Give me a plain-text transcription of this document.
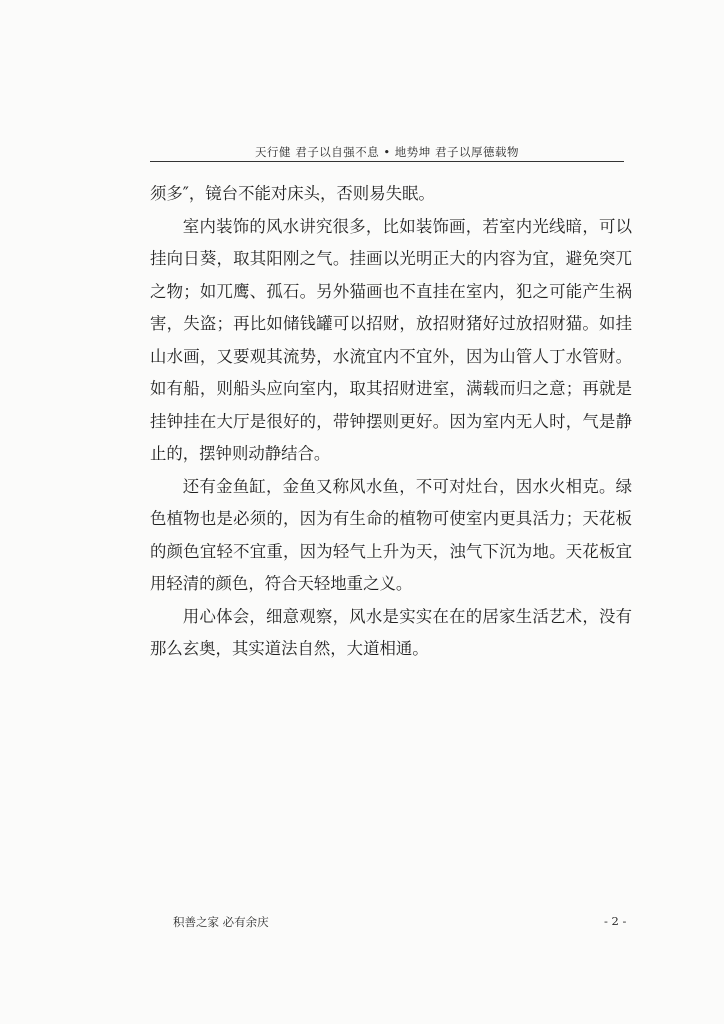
天行健 君子以自强不息 • 地势坤 君子以厚德载物

须多″，镜台不能对床头，否则易失眠。

室内装饰的风水讲究很多，比如装饰画，若室内光线暗，可以挂向日葵，取其阳刚之气。挂画以光明正大的内容为宜，避免突兀之物；如兀鹰、孤石。另外猫画也不直挂在室内，犯之可能产生祸害，失盗；再比如储钱罐可以招财，放招财猪好过放招财猫。如挂山水画，又要观其流势，水流宜内不宜外，因为山管人丁水管财。如有船，则船头应向室内，取其招财进室，满载而归之意；再就是挂钟挂在大厅是很好的，带钟摆则更好。因为室内无人时，气是静止的，摆钟则动静结合。

还有金鱼缸，金鱼又称风水鱼，不可对灶台，因水火相克。绿色植物也是必须的，因为有生命的植物可使室内更具活力；天花板的颜色宜轻不宜重，因为轻气上升为天，浊气下沉为地。天花板宜用轻清的颜色，符合天轻地重之义。

用心体会，细意观察，风水是实实在在的居家生活艺术，没有那么玄奥，其实道法自然，大道相通。

积善之家 必有余庆	- 2 -
